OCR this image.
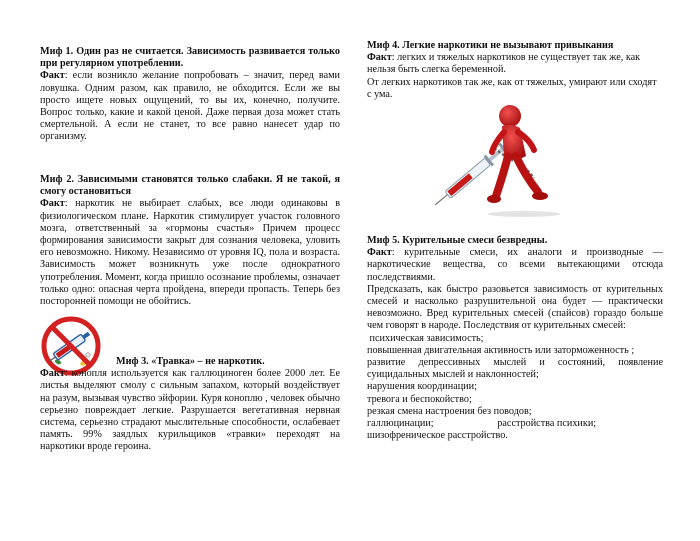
Миф 1. Один раз не считается. Зависимость развивается только при регулярном употреблении.

Факт: если возникло желание попробовать – значит, перед вами ловушка. Одним разом, как правило, не обходится. Если же вы просто ищете новых ощущений, то вы их, конечно, получите. Вопрос только, какие и какой ценой. Даже первая доза может стать смертельной. А если не станет, то все равно нанесет удар по организму.

Миф 2. Зависимыми становятся только слабаки. Я не такой, я смогу остановиться

Факт: наркотик не выбирает слабых, все люди одинаковы в физиологическом плане. Наркотик стимулирует участок головного мозга, ответственный за «гормоны счастья» Причем процесс формирования зависимости закрыт для сознания человека, уловить его невозможно. Никому. Независимо от уровня IQ, пола и возраста. Зависимость может возникнуть уже после однократного употребления. Момент, когда пришло осознание проблемы, означает только одно: опасная черта пройдена, впереди пропасть. Теперь без посторонней помощи не обойтись.

Миф 3. «Травка» – не наркотик.

Факт: конопля используется как галлюциноген более 2000 лет. Ее листья выделяют смолу с сильным запахом, который воздействует на разум, вызывая чувство эйфории. Куря коноплю , человек обычно серьезно повреждает легкие. Разрушается вегетативная нервная система, серьезно страдают мыслительные способности, ослабевает память. 99% заядлых курильщиков «травки» переходят на наркотики вроде героина.

Миф 4. Легкие наркотики не вызывают привыкания

Факт: легких и тяжелых наркотиков не существует так же, как нельзя быть слегка беременной.

От легких наркотиков так же, как от тяжелых, умирают или сходят с ума.

Миф 5. Курительные смеси безвредны.

Факт: курительные смеси, их аналоги и производные — наркотические вещества, со всеми вытекающими отсюда последствиями.

Предсказать, как быстро разовьется зависимость от курительных смесей и насколько разрушительной она будет — практически невозможно. Вред курительных смесей (спайсов) гораздо больше чем говорят в народе. Последствия от курительных смесей:

психическая зависимость;

повышенная двигательная активность или заторможенность ;

развитие депрессивных мыслей и состояний, появление суицидальных мыслей и наклонностей;

нарушения координации;

тревога и беспокойство;

резкая смена настроения без поводов;

галлюцинации;                         расстройства психики;

шизофреническое расстройство.
